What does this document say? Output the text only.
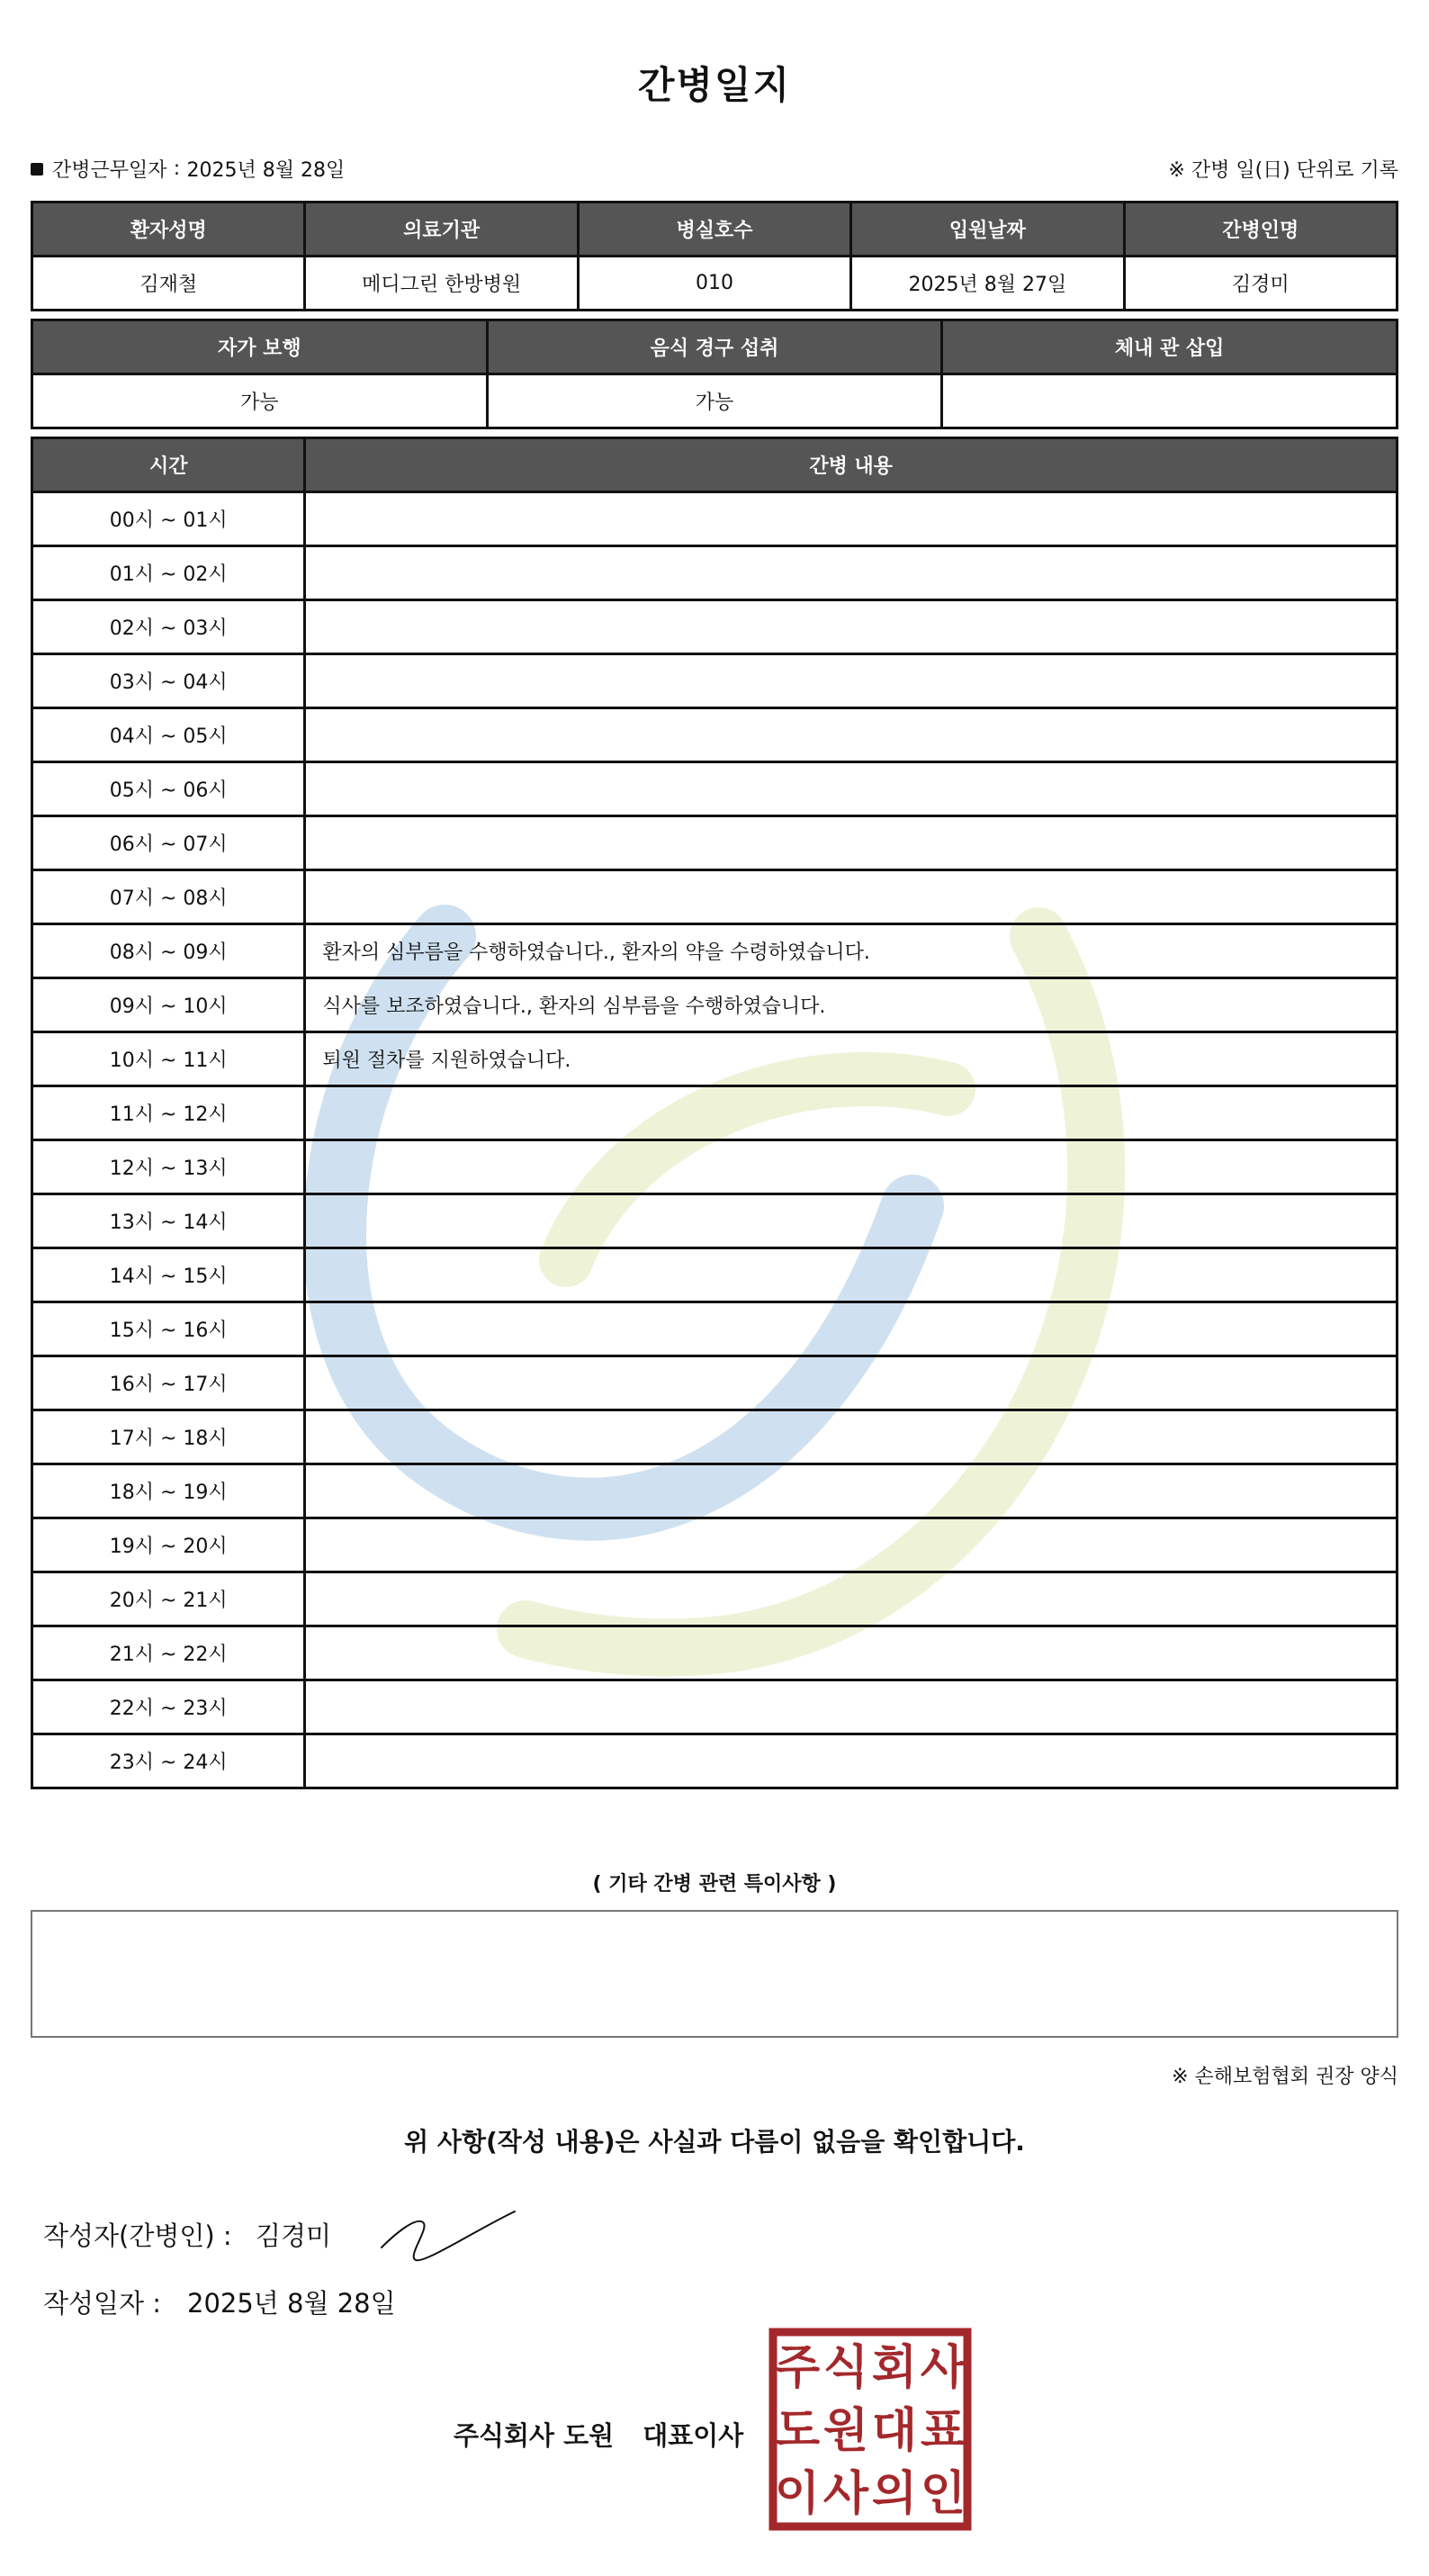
간병일지
간병근무일자 : 2025년 8월 28일	※ 간병 일(日) 단위로 기록
환자성명	의료기관	병실호수	입원날짜	간병인명
김재철	메디그린 한방병원	010	2025년 8월 27일	김경미
자가 보행	음식 경구 섭취	체내 관 삽입
가능	가능	
시간	간병 내용
00시 ~ 01시	
01시 ~ 02시	
02시 ~ 03시	
03시 ~ 04시	
04시 ~ 05시	
05시 ~ 06시	
06시 ~ 07시	
07시 ~ 08시	
08시 ~ 09시	환자의 심부름을 수행하였습니다., 환자의 약을 수령하였습니다.
09시 ~ 10시	식사를 보조하였습니다., 환자의 심부름을 수행하였습니다.
10시 ~ 11시	퇴원 절차를 지원하였습니다.
11시 ~ 12시	
12시 ~ 13시	
13시 ~ 14시	
14시 ~ 15시	
15시 ~ 16시	
16시 ~ 17시	
17시 ~ 18시	
18시 ~ 19시	
19시 ~ 20시	
20시 ~ 21시	
21시 ~ 22시	
22시 ~ 23시	
23시 ~ 24시	
( 기타 간병 관련 특이사항 )
※ 손해보험협회 권장 양식
위 사항(작성 내용)은 사실과 다름이 없음을 확인합니다.
작성자(간병인) : 김경미
작성일자 : 2025년 8월 28일
주식회사 도원 대표이사
주 식 회 사
도 원 대 표
이 사 의 인
